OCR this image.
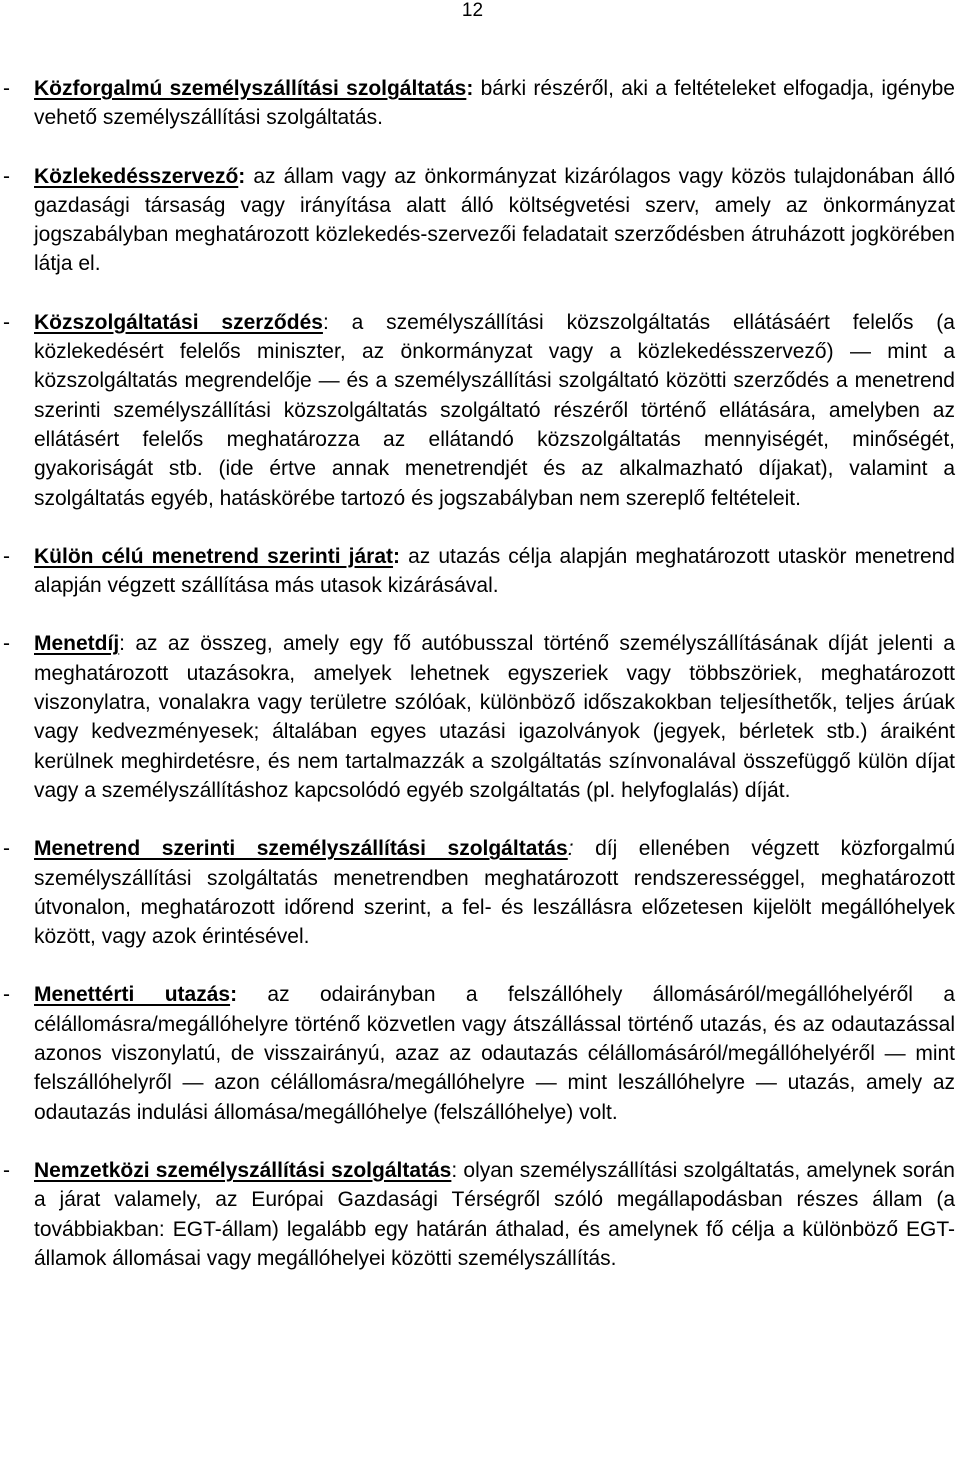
12
- Közforgalmú személyszállítási szolgáltatás: bárki részéről, aki a feltételeket elfogadja, igénybe vehető személyszállítási szolgáltatás.
- Közlekedésszervező: az állam vagy az önkormányzat kizárólagos vagy közös tulajdonában álló gazdasági társaság vagy irányítása alatt álló költségvetési szerv, amely az önkormányzat jogszabályban meghatározott közlekedés-szervezői feladatait szerződésben átruházott jogkörében látja el.
- Közszolgáltatási szerződés: a személyszállítási közszolgáltatás ellátásáért felelős (a közlekedésért felelős miniszter, az önkormányzat vagy a közlekedésszervező) — mint a közszolgáltatás megrendelője — és a személyszállítási szolgáltató közötti szerződés a menetrend szerinti személyszállítási közszolgáltatás szolgáltató részéről történő ellátására, amelyben az ellátásért felelős meghatározza az ellátandó közszolgáltatás mennyiségét, minőségét, gyakoriságát stb. (ide értve annak menetrendjét és az alkalmazható díjakat), valamint a szolgáltatás egyéb, hatáskörébe tartozó és jogszabályban nem szereplő feltételeit.
- Külön célú menetrend szerinti járat: az utazás célja alapján meghatározott utaskör menetrend alapján végzett szállítása más utasok kizárásával.
- Menetdíj: az az összeg, amely egy fő autóbusszal történő személyszállításának díját jelenti a meghatározott utazásokra, amelyek lehetnek egyszeriek vagy többszöriek, meghatározott viszonylatra, vonalakra vagy területre szólóak, különböző időszakokban teljesíthetők, teljes árúak vagy kedvezményesek; általában egyes utazási igazolványok (jegyek, bérletek stb.) áraiként kerülnek meghirdetésre, és nem tartalmazzák a szolgáltatás színvonalával összefüggő külön díjat vagy a személyszállításhoz kapcsolódó egyéb szolgáltatás (pl. helyfoglalás) díját.
- Menetrend szerinti személyszállítási szolgáltatás: díj ellenében végzett közforgalmú személyszállítási szolgáltatás menetrendben meghatározott rendszerességgel, meghatározott útvonalon, meghatározott időrend szerint, a fel- és leszállásra előzetesen kijelölt megállóhelyek között, vagy azok érintésével.
- Menettérti utazás: az odairányban a felszállóhely állomásáról/megállóhelyéről a célállomásra/megállóhelyre történő közvetlen vagy átszállással történő utazás, és az odautazással azonos viszonylatú, de visszairányú, azaz az odautazás célállomásáról/megállóhelyéről — mint felszállóhelyről — azon célállomásra/megállóhelyre — mint leszállóhelyre — utazás, amely az odautazás indulási állomása/megállóhelye (felszállóhelye) volt.
- Nemzetközi személyszállítási szolgáltatás: olyan személyszállítási szolgáltatás, amelynek során a járat valamely, az Európai Gazdasági Térségről szóló megállapodásban részes állam (a továbbiakban: EGT-állam) legalább egy határán áthalad, és amelynek fő célja a különböző EGT-államok állomásai vagy megállóhelyei közötti személyszállítás.
